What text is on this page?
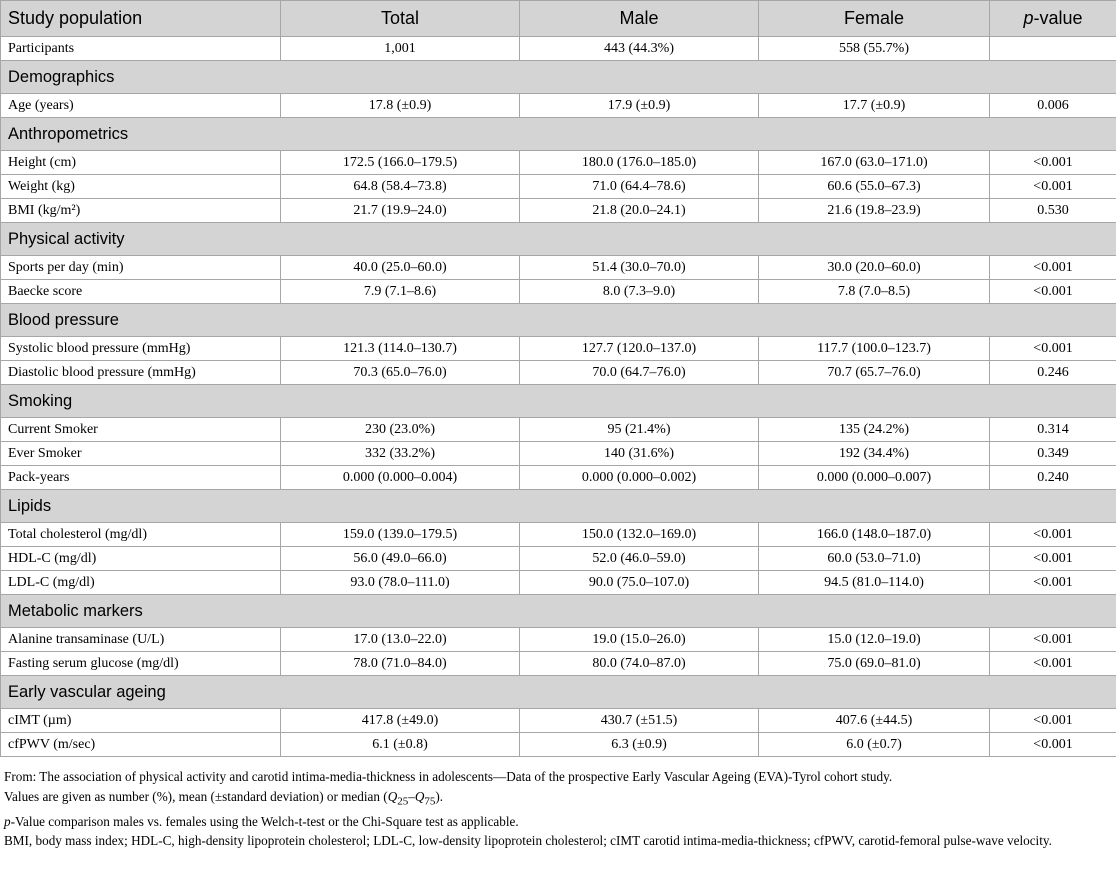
Study population	Total	Male	Female	p-value
Participants	1,001	443 (44.3%)	558 (55.7%)	
Demographics				
Age (years)	17.8 (±0.9)	17.9 (±0.9)	17.7 (±0.9)	0.006
Anthropometrics				
Height (cm)	172.5 (166.0–179.5)	180.0 (176.0–185.0)	167.0 (63.0–171.0)	<0.001
Weight (kg)	64.8 (58.4–73.8)	71.0 (64.4–78.6)	60.6 (55.0–67.3)	<0.001
BMI (kg/m²)	21.7 (19.9–24.0)	21.8 (20.0–24.1)	21.6 (19.8–23.9)	0.530
Physical activity				
Sports per day (min)	40.0 (25.0–60.0)	51.4 (30.0–70.0)	30.0 (20.0–60.0)	<0.001
Baecke score	7.9 (7.1–8.6)	8.0 (7.3–9.0)	7.8 (7.0–8.5)	<0.001
Blood pressure				
Systolic blood pressure (mmHg)	121.3 (114.0–130.7)	127.7 (120.0–137.0)	117.7 (100.0–123.7)	<0.001
Diastolic blood pressure (mmHg)	70.3 (65.0–76.0)	70.0 (64.7–76.0)	70.7 (65.7–76.0)	0.246
Smoking				
Current Smoker	230 (23.0%)	95 (21.4%)	135 (24.2%)	0.314
Ever Smoker	332 (33.2%)	140 (31.6%)	192 (34.4%)	0.349
Pack-years	0.000 (0.000–0.004)	0.000 (0.000–0.002)	0.000 (0.000–0.007)	0.240
Lipids				
Total cholesterol (mg/dl)	159.0 (139.0–179.5)	150.0 (132.0–169.0)	166.0 (148.0–187.0)	<0.001
HDL-C (mg/dl)	56.0 (49.0–66.0)	52.0 (46.0–59.0)	60.0 (53.0–71.0)	<0.001
LDL-C (mg/dl)	93.0 (78.0–111.0)	90.0 (75.0–107.0)	94.5 (81.0–114.0)	<0.001
Metabolic markers				
Alanine transaminase (U/L)	17.0 (13.0–22.0)	19.0 (15.0–26.0)	15.0 (12.0–19.0)	<0.001
Fasting serum glucose (mg/dl)	78.0 (71.0–84.0)	80.0 (74.0–87.0)	75.0 (69.0–81.0)	<0.001
Early vascular ageing				
cIMT (µm)	417.8 (±49.0)	430.7 (±51.5)	407.6 (±44.5)	<0.001
cfPWV (m/sec)	6.1 (±0.8)	6.3 (±0.9)	6.0 (±0.7)	<0.001

From: The association of physical activity and carotid intima-media-thickness in adolescents—Data of the prospective Early Vascular Ageing (EVA)-Tyrol cohort study.

Values are given as number (%), mean (±standard deviation) or median $(Q_{25}-Q_{75})$.

p-Value comparison males vs. females using the Welch-t-test or the Chi-Square test as applicable.

BMI, body mass index; HDL-C, high-density lipoprotein cholesterol; LDL-C, low-density lipoprotein cholesterol; cIMT carotid intima-media-thickness; cfPWV, carotid-femoral pulse-wave velocity.
